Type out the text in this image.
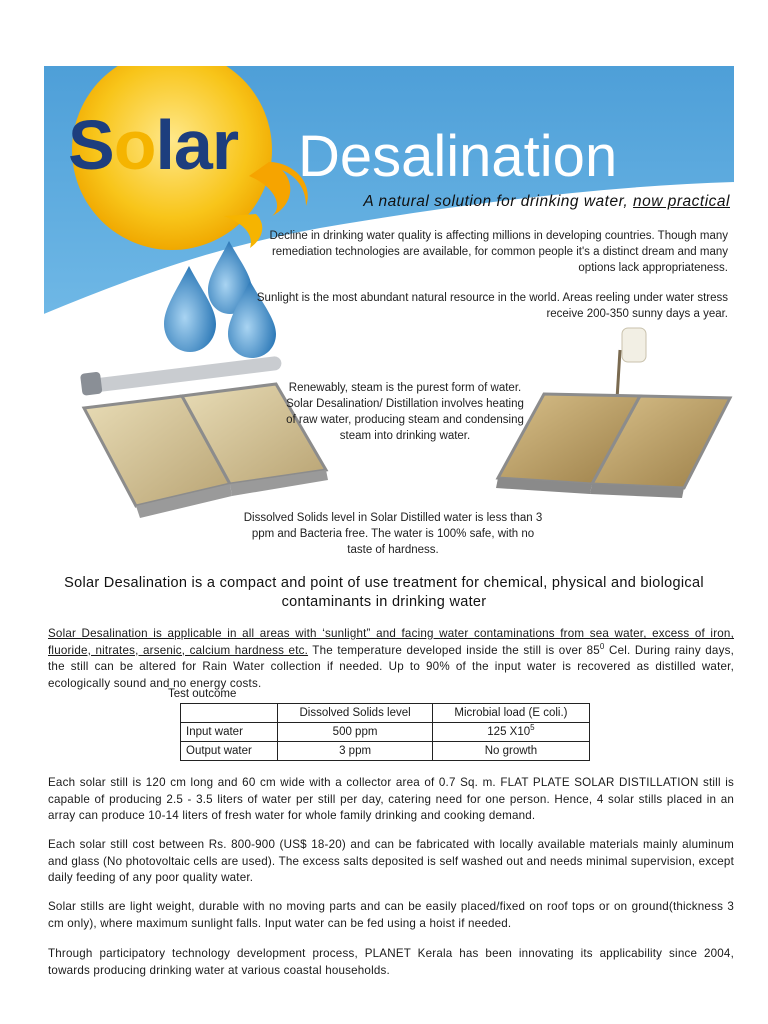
Solar Desalination
A natural solution for drinking water, now practical
Decline in drinking water quality is affecting millions in developing countries. Though many remediation technologies are available, for common people it's a distinct dream and many options lack appropriateness.
Sunlight is the most abundant natural resource in the world. Areas reeling under water stress receive 200-350 sunny days a year.
Renewably, steam is the purest form of water. Solar Desalination/ Distillation involves heating of raw water, producing steam and condensing steam into drinking water.
Dissolved Solids level in Solar Distilled water is less than 3 ppm and Bacteria free. The water is 100% safe, with no taste of hardness.
Solar Desalination is a compact and point of use treatment for chemical, physical and biological contaminants in drinking water
Solar Desalination is applicable in all areas with ‘sunlight” and facing water contaminations from sea water, excess of iron, fluoride, nitrates, arsenic, calcium hardness etc. The temperature developed inside the still is over $85^0$ Cel. During rainy days, the still can be altered for Rain Water collection if needed. Up to 90% of the input water is recovered as distilled water, ecologically sound and no energy costs.
Test outcome
	Dissolved Solids level	Microbial load (E coli.)
Input water	500 ppm	125 $X10^5$
Output water	3 ppm	No growth
Each solar still is 120 cm long and 60 cm wide with a collector area of 0.7 Sq. m. FLAT PLATE SOLAR DISTILLATION still is capable of producing 2.5 - 3.5 liters of water per still per day, catering need for one person. Hence, 4 solar stills placed in an array can produce 10-14 liters of fresh water for whole family drinking and cooking demand.
Each solar still cost between Rs. 800-900 (US$ 18-20) and can be fabricated with locally available materials mainly aluminum and glass (No photovoltaic cells are used). The excess salts deposited is self washed out and needs minimal supervision, except daily feeding of any poor quality water.
Solar stills are light weight, durable with no moving parts and can be easily placed/fixed on roof tops or on ground(thickness 3 cm only), where maximum sunlight falls. Input water can be fed using a hoist if needed.
Through participatory technology development process, PLANET Kerala has been innovating its applicability since 2004, towards producing drinking water at various coastal households.
